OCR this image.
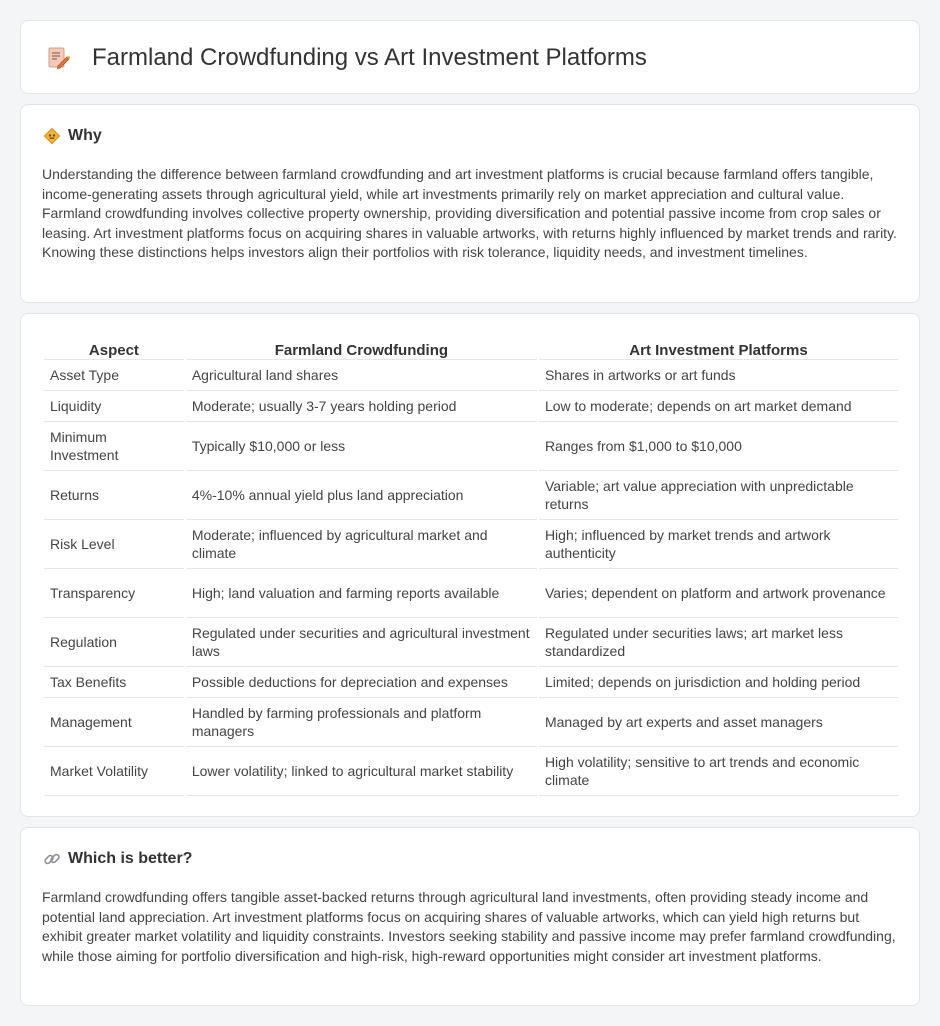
Farmland Crowdfunding vs Art Investment Platforms
Why

Understanding the difference between farmland crowdfunding and art investment platforms is crucial because farmland offers tangible, income-generating assets through agricultural yield, while art investments primarily rely on market appreciation and cultural value. Farmland crowdfunding involves collective property ownership, providing diversification and potential passive income from crop sales or leasing. Art investment platforms focus on acquiring shares in valuable artworks, with returns highly influenced by market trends and rarity. Knowing these distinctions helps investors align their portfolios with risk tolerance, liquidity needs, and investment timelines.

Aspect	Farmland Crowdfunding	Art Investment Platforms
Asset Type	Agricultural land shares	Shares in artworks or art funds
Liquidity	Moderate; usually 3-7 years holding period	Low to moderate; depends on art market demand
Minimum Investment	Typically $10,000 or less	Ranges from $1,000 to $10,000
Returns	4%-10% annual yield plus land appreciation	Variable; art value appreciation with unpredictable returns
Risk Level	Moderate; influenced by agricultural market and climate	High; influenced by market trends and artwork authenticity
Transparency	High; land valuation and farming reports available	Varies; dependent on platform and artwork provenance
Regulation	Regulated under securities and agricultural investment laws	Regulated under securities laws; art market less standardized
Tax Benefits	Possible deductions for depreciation and expenses	Limited; depends on jurisdiction and holding period
Management	Handled by farming professionals and platform managers	Managed by art experts and asset managers
Market Volatility	Lower volatility; linked to agricultural market stability	High volatility; sensitive to art trends and economic climate
Which is better?

Farmland crowdfunding offers tangible asset-backed returns through agricultural land investments, often providing steady income and potential land appreciation. Art investment platforms focus on acquiring shares of valuable artworks, which can yield high returns but exhibit greater market volatility and liquidity constraints. Investors seeking stability and passive income may prefer farmland crowdfunding, while those aiming for portfolio diversification and high-risk, high-reward opportunities might consider art investment platforms.
